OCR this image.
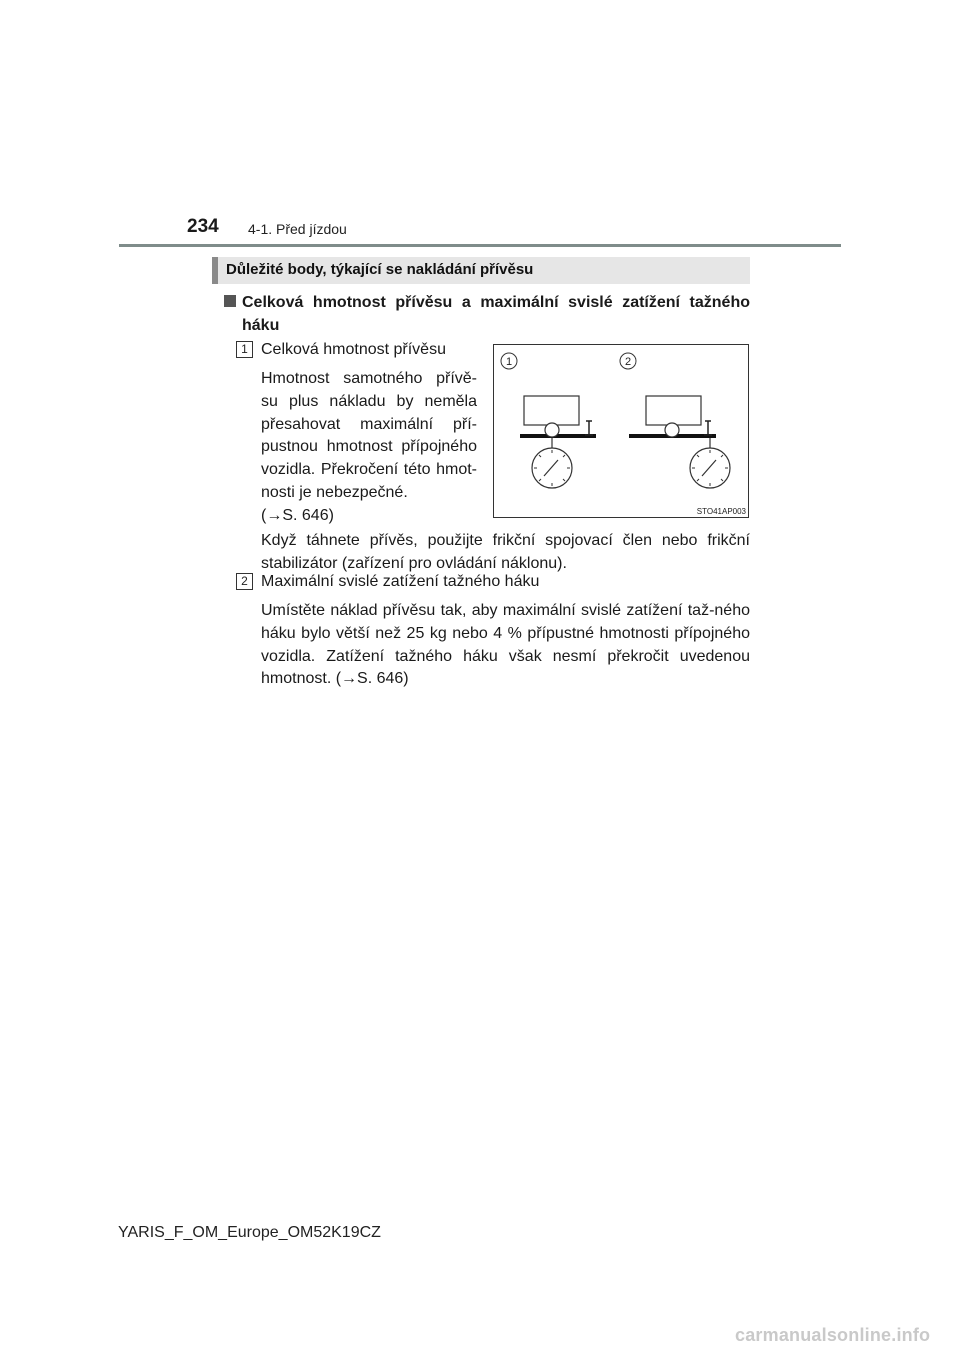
234 4-1. Před jízdou
Důležité body, týkající se nakládání přívěsu
Celková hmotnost přívěsu a maximální svislé zatížení tažného háku
1 Celková hmotnost přívěsu
Hmotnost samotného přívě-
su plus nákladu by neměla
přesahovat maximální pří-
pustnou hmotnost přípojného
vozidla. Překročení této hmot-
nosti je nebezpečné.
(→S. 646)

Když táhnete přívěs, použijte frikční spojovací člen nebo frikční stabilizátor (zařízení pro ovládání náklonu).

1	2
STO41AP003
2 Maximální svislé zatížení tažného háku

Umístěte náklad přívěsu tak, aby maximální svislé zatížení taž-ného háku bylo větší než 25 kg nebo 4 % přípustné hmotnosti přípojného vozidla. Zatížení tažného háku však nesmí překročit uvedenou hmotnost. (→S. 646)

YARIS_F_OM_Europe_OM52K19CZ
carmanualsonline.info
